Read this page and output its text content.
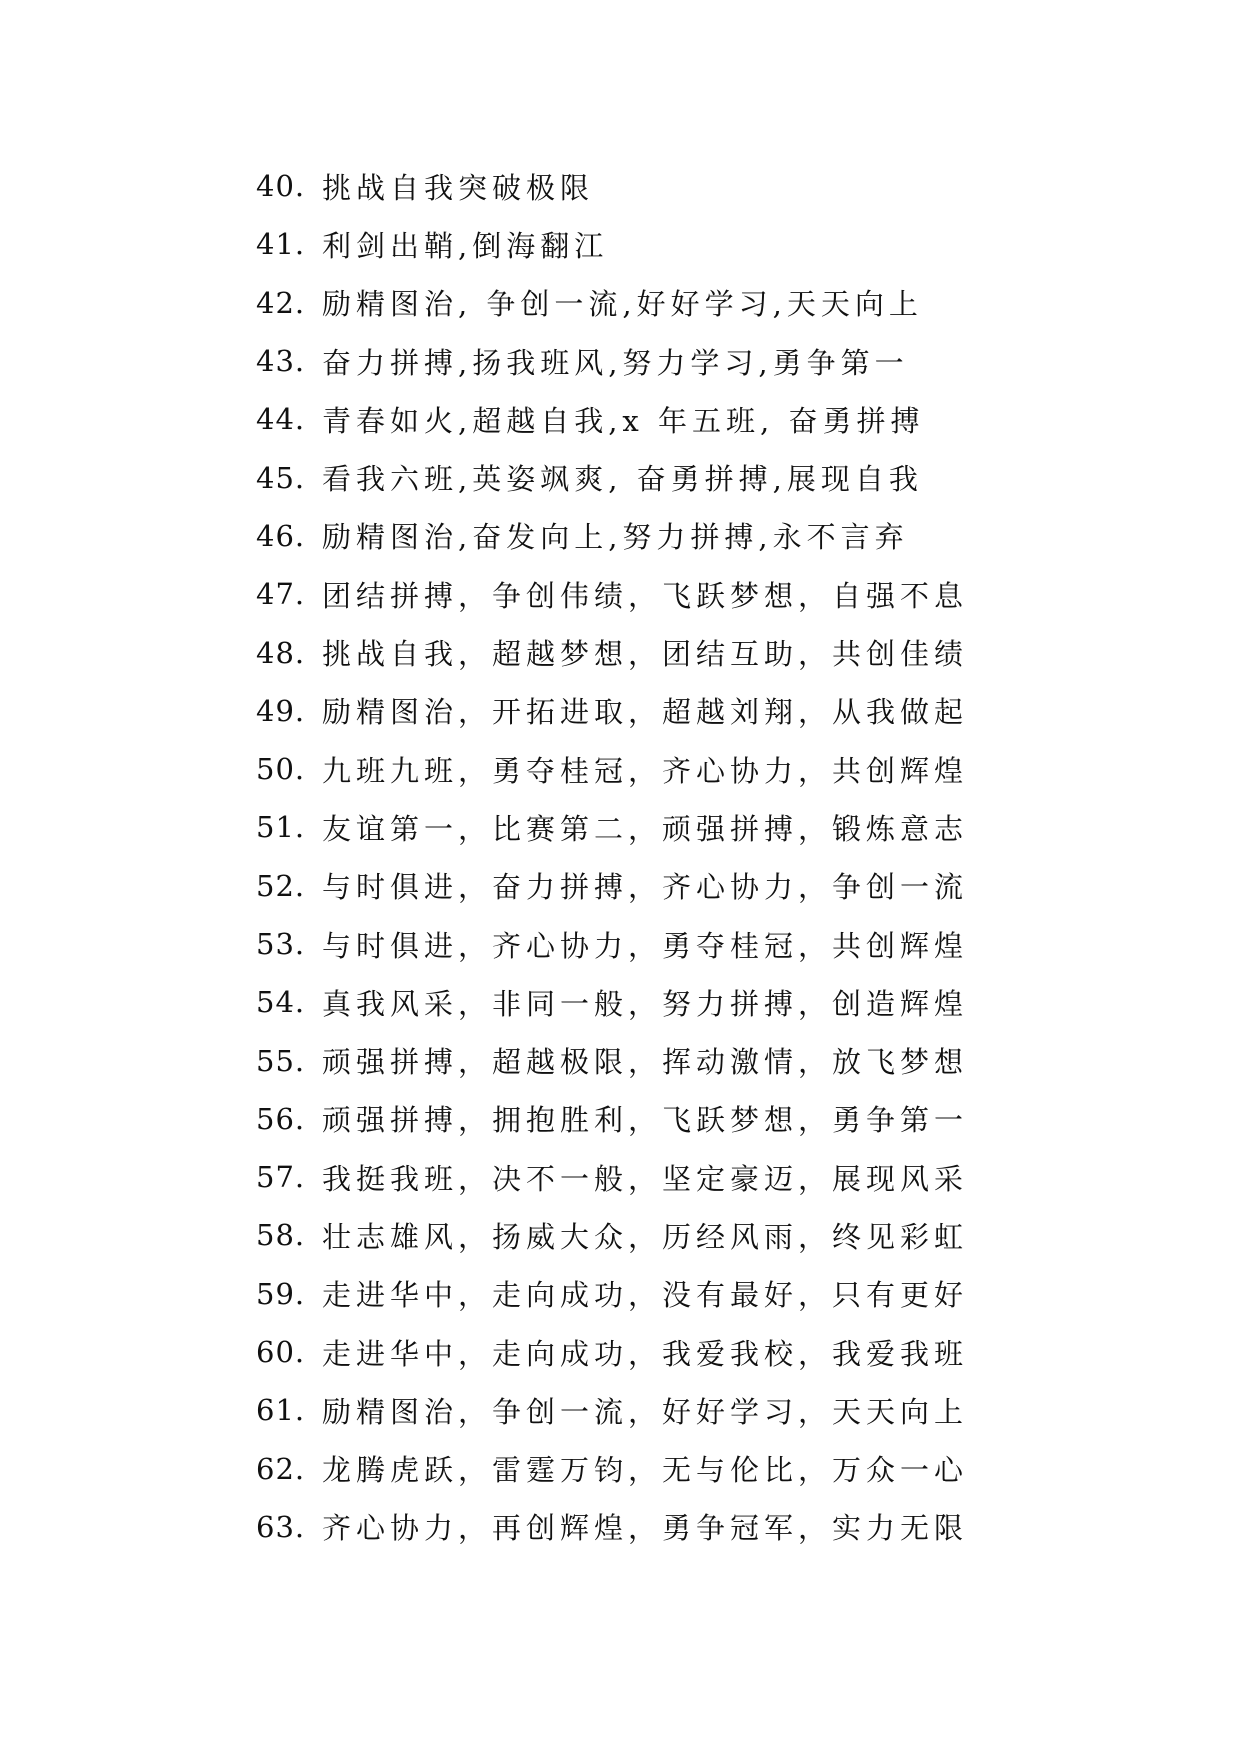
40. 挑战自我突破极限
41. 利剑出鞘,倒海翻江
42. 励精图治, 争创一流,好好学习,天天向上
43. 奋力拼搏,扬我班风,努力学习,勇争第一
44. 青春如火,超越自我,x 年五班, 奋勇拼搏
45. 看我六班,英姿飒爽, 奋勇拼搏,展现自我
46. 励精图治,奋发向上,努力拼搏,永不言弃
47. 团结拼搏，争创伟绩，飞跃梦想，自强不息
48. 挑战自我，超越梦想，团结互助，共创佳绩
49. 励精图治，开拓进取，超越刘翔，从我做起
50. 九班九班，勇夺桂冠，齐心协力，共创辉煌
51. 友谊第一，比赛第二，顽强拼搏，锻炼意志
52. 与时俱进，奋力拼搏，齐心协力，争创一流
53. 与时俱进，齐心协力，勇夺桂冠，共创辉煌
54. 真我风采，非同一般，努力拼搏，创造辉煌
55. 顽强拼搏，超越极限，挥动激情，放飞梦想
56. 顽强拼搏，拥抱胜利，飞跃梦想，勇争第一
57. 我挺我班，决不一般，坚定豪迈，展现风采
58. 壮志雄风，扬威大众，历经风雨，终见彩虹
59. 走进华中，走向成功，没有最好，只有更好
60. 走进华中，走向成功，我爱我校，我爱我班
61. 励精图治，争创一流，好好学习，天天向上
62. 龙腾虎跃，雷霆万钧，无与伦比，万众一心
63. 齐心协力，再创辉煌，勇争冠军，实力无限
